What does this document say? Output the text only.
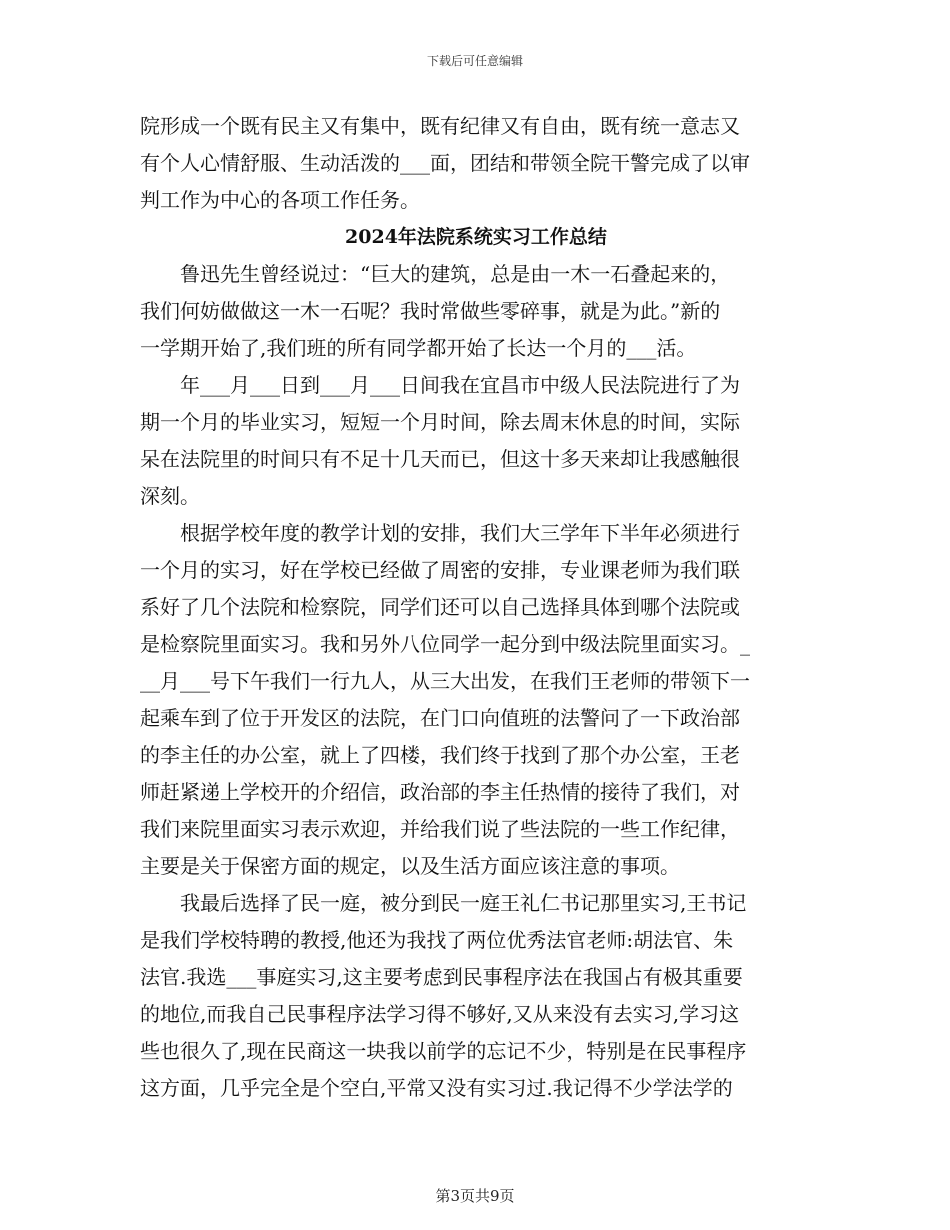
下载后可任意编辑
院形成一个既有民主又有集中，既有纪律又有自由，既有统一意志又
有个人心情舒服、生动活泼的___面，团结和带领全院干警完成了以审
判工作为中心的各项工作任务。
2024年法院系统实习工作总结
鲁迅先生曾经说过：“巨大的建筑，总是由一木一石叠起来的，
我们何妨做做这一木一石呢？我时常做些零碎事，就是为此。”新的
一学期开始了,我们班的所有同学都开始了长达一个月的___活。
年___月___日到___月___日间我在宜昌市中级人民法院进行了为
期一个月的毕业实习，短短一个月时间，除去周末休息的时间，实际
呆在法院里的时间只有不足十几天而已，但这十多天来却让我感触很
深刻。
根据学校年度的教学计划的安排，我们大三学年下半年必须进行
一个月的实习，好在学校已经做了周密的安排，专业课老师为我们联
系好了几个法院和检察院，同学们还可以自己选择具体到哪个法院或
是检察院里面实习。我和另外八位同学一起分到中级法院里面实习。_
__月___号下午我们一行九人，从三大出发，在我们王老师的带领下一
起乘车到了位于开发区的法院，在门口向值班的法警问了一下政治部
的李主任的办公室，就上了四楼，我们终于找到了那个办公室，王老
师赶紧递上学校开的介绍信，政治部的李主任热情的接待了我们，对
我们来院里面实习表示欢迎，并给我们说了些法院的一些工作纪律，
主要是关于保密方面的规定，以及生活方面应该注意的事项。
我最后选择了民一庭，被分到民一庭王礼仁书记那里实习,王书记
是我们学校特聘的教授,他还为我找了两位优秀法官老师:胡法官、朱
法官.我选___事庭实习,这主要考虑到民事程序法在我国占有极其重要
的地位,而我自己民事程序法学习得不够好,又从来没有去实习,学习这
些也很久了,现在民商这一块我以前学的忘记不少，特别是在民事程序
这方面，几乎完全是个空白,平常又没有实习过.我记得不少学法学的
第3页共9页
